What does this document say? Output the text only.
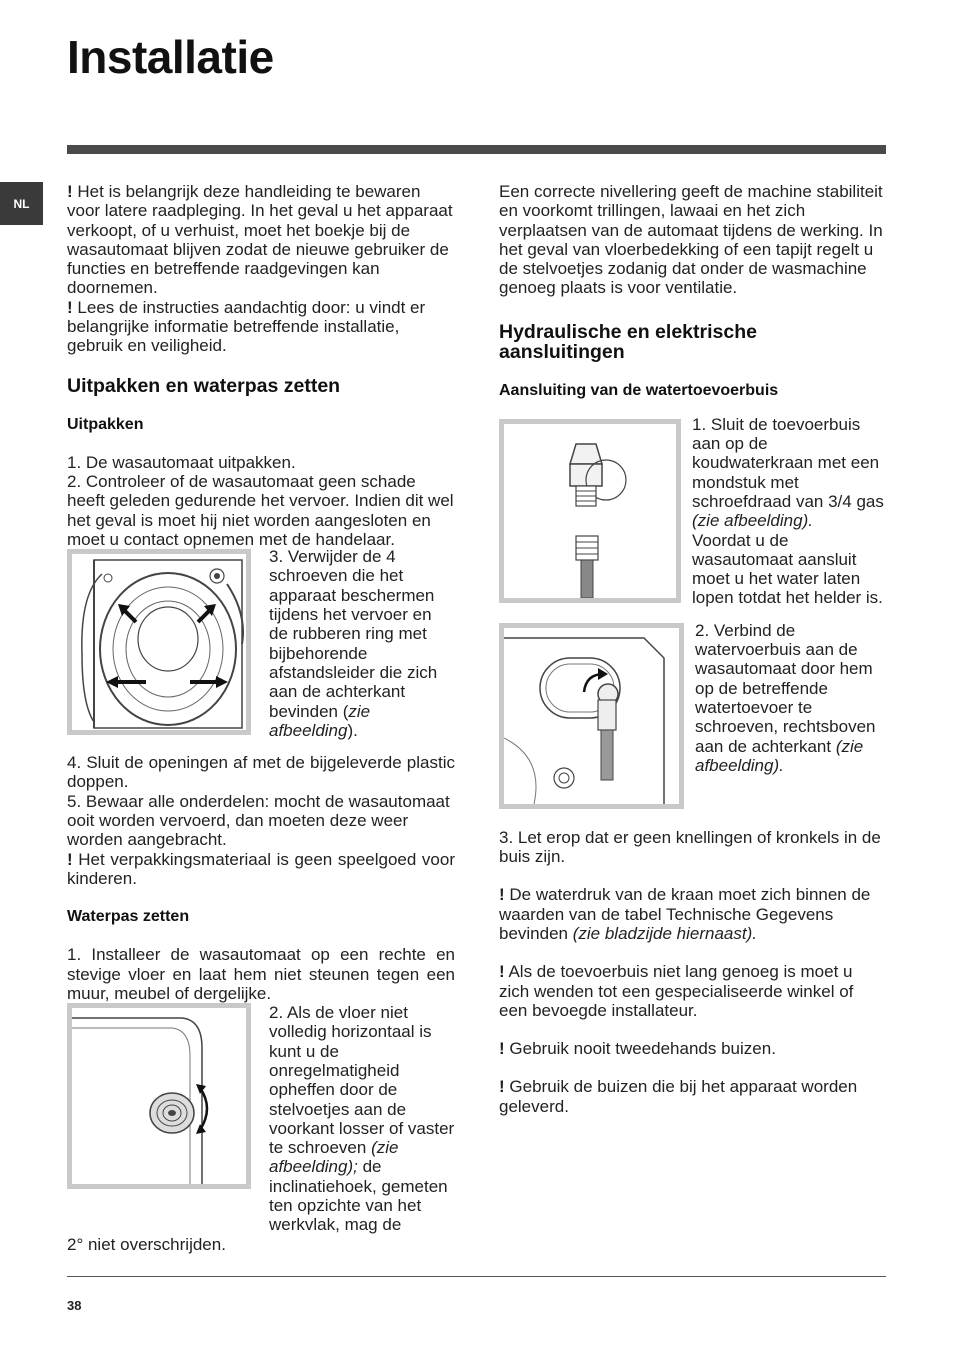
Installatie
NL

! Het is belangrijk deze handleiding te bewaren voor latere raadpleging. In het geval u het apparaat verkoopt, of u verhuist, moet het boekje bij de wasautomaat blijven zodat de nieuwe gebruiker de functies en betreffende raadgevingen kan doornemen.

! Lees de instructies aandachtig door: u vindt er belangrijke informatie betreffende installatie, gebruik en veiligheid.

Uitpakken en waterpas zetten
Uitpakken

1. De wasautomaat uitpakken.

2. Controleer of de wasautomaat geen schade heeft geleden gedurende het vervoer. Indien dit wel het geval is moet hij niet worden aangesloten en moet u contact opnemen met de handelaar.

3. Verwijder de 4 schroeven die het apparaat beschermen tijdens het vervoer en de rubberen ring met bijbehorende afstandsleider die zich aan de achterkant bevinden (zie afbeelding).

4. Sluit de openingen af met de bijgeleverde plastic doppen.

5. Bewaar alle onderdelen: mocht de wasautomaat ooit worden vervoerd, dan moeten deze weer worden aangebracht.

! Het verpakkingsmateriaal is geen speelgoed voor kinderen.

Waterpas zetten

1. Installeer de wasautomaat op een rechte en stevige vloer en laat hem niet steunen tegen een muur, meubel of dergelijke.

2. Als de vloer niet volledig horizontaal is kunt u de onregelmatigheid opheffen door de stelvoetjes aan de voorkant losser of vaster te schroeven (zie afbeelding); de inclinatiehoek, gemeten ten opzichte van het werkvlak, mag de

2° niet overschrijden.

Een correcte nivellering geeft de machine stabiliteit en voorkomt trillingen, lawaai en het zich verplaatsen van de automaat tijdens de werking. In het geval van vloerbedekking of een tapijt regelt u de stelvoetjes zodanig dat onder de wasmachine genoeg plaats is voor ventilatie.

Hydraulische en elektrische aansluitingen
Aansluiting van de watertoevoerbuis
1. Sluit de toevoerbuis aan op de koudwaterkraan met een mondstuk met schroefdraad van 3/4 gas (zie afbeelding).
Voordat u de wasautomaat aansluit moet u het water laten lopen totdat het helder is.
2. Verbind de watervoerbuis aan de wasautomaat door hem op de betreffende watertoevoer te schroeven, rechtsboven aan de achterkant (zie afbeelding).

3. Let erop dat er geen knellingen of kronkels in de buis zijn.

! De waterdruk van de kraan moet zich binnen de waarden van de tabel Technische Gegevens bevinden (zie bladzijde hiernaast).

! Als de toevoerbuis niet lang genoeg is moet u zich wenden tot een gespecialiseerde winkel of een bevoegde installateur.

! Gebruik nooit tweedehands buizen.

! Gebruik de buizen die bij het apparaat worden geleverd.

38
